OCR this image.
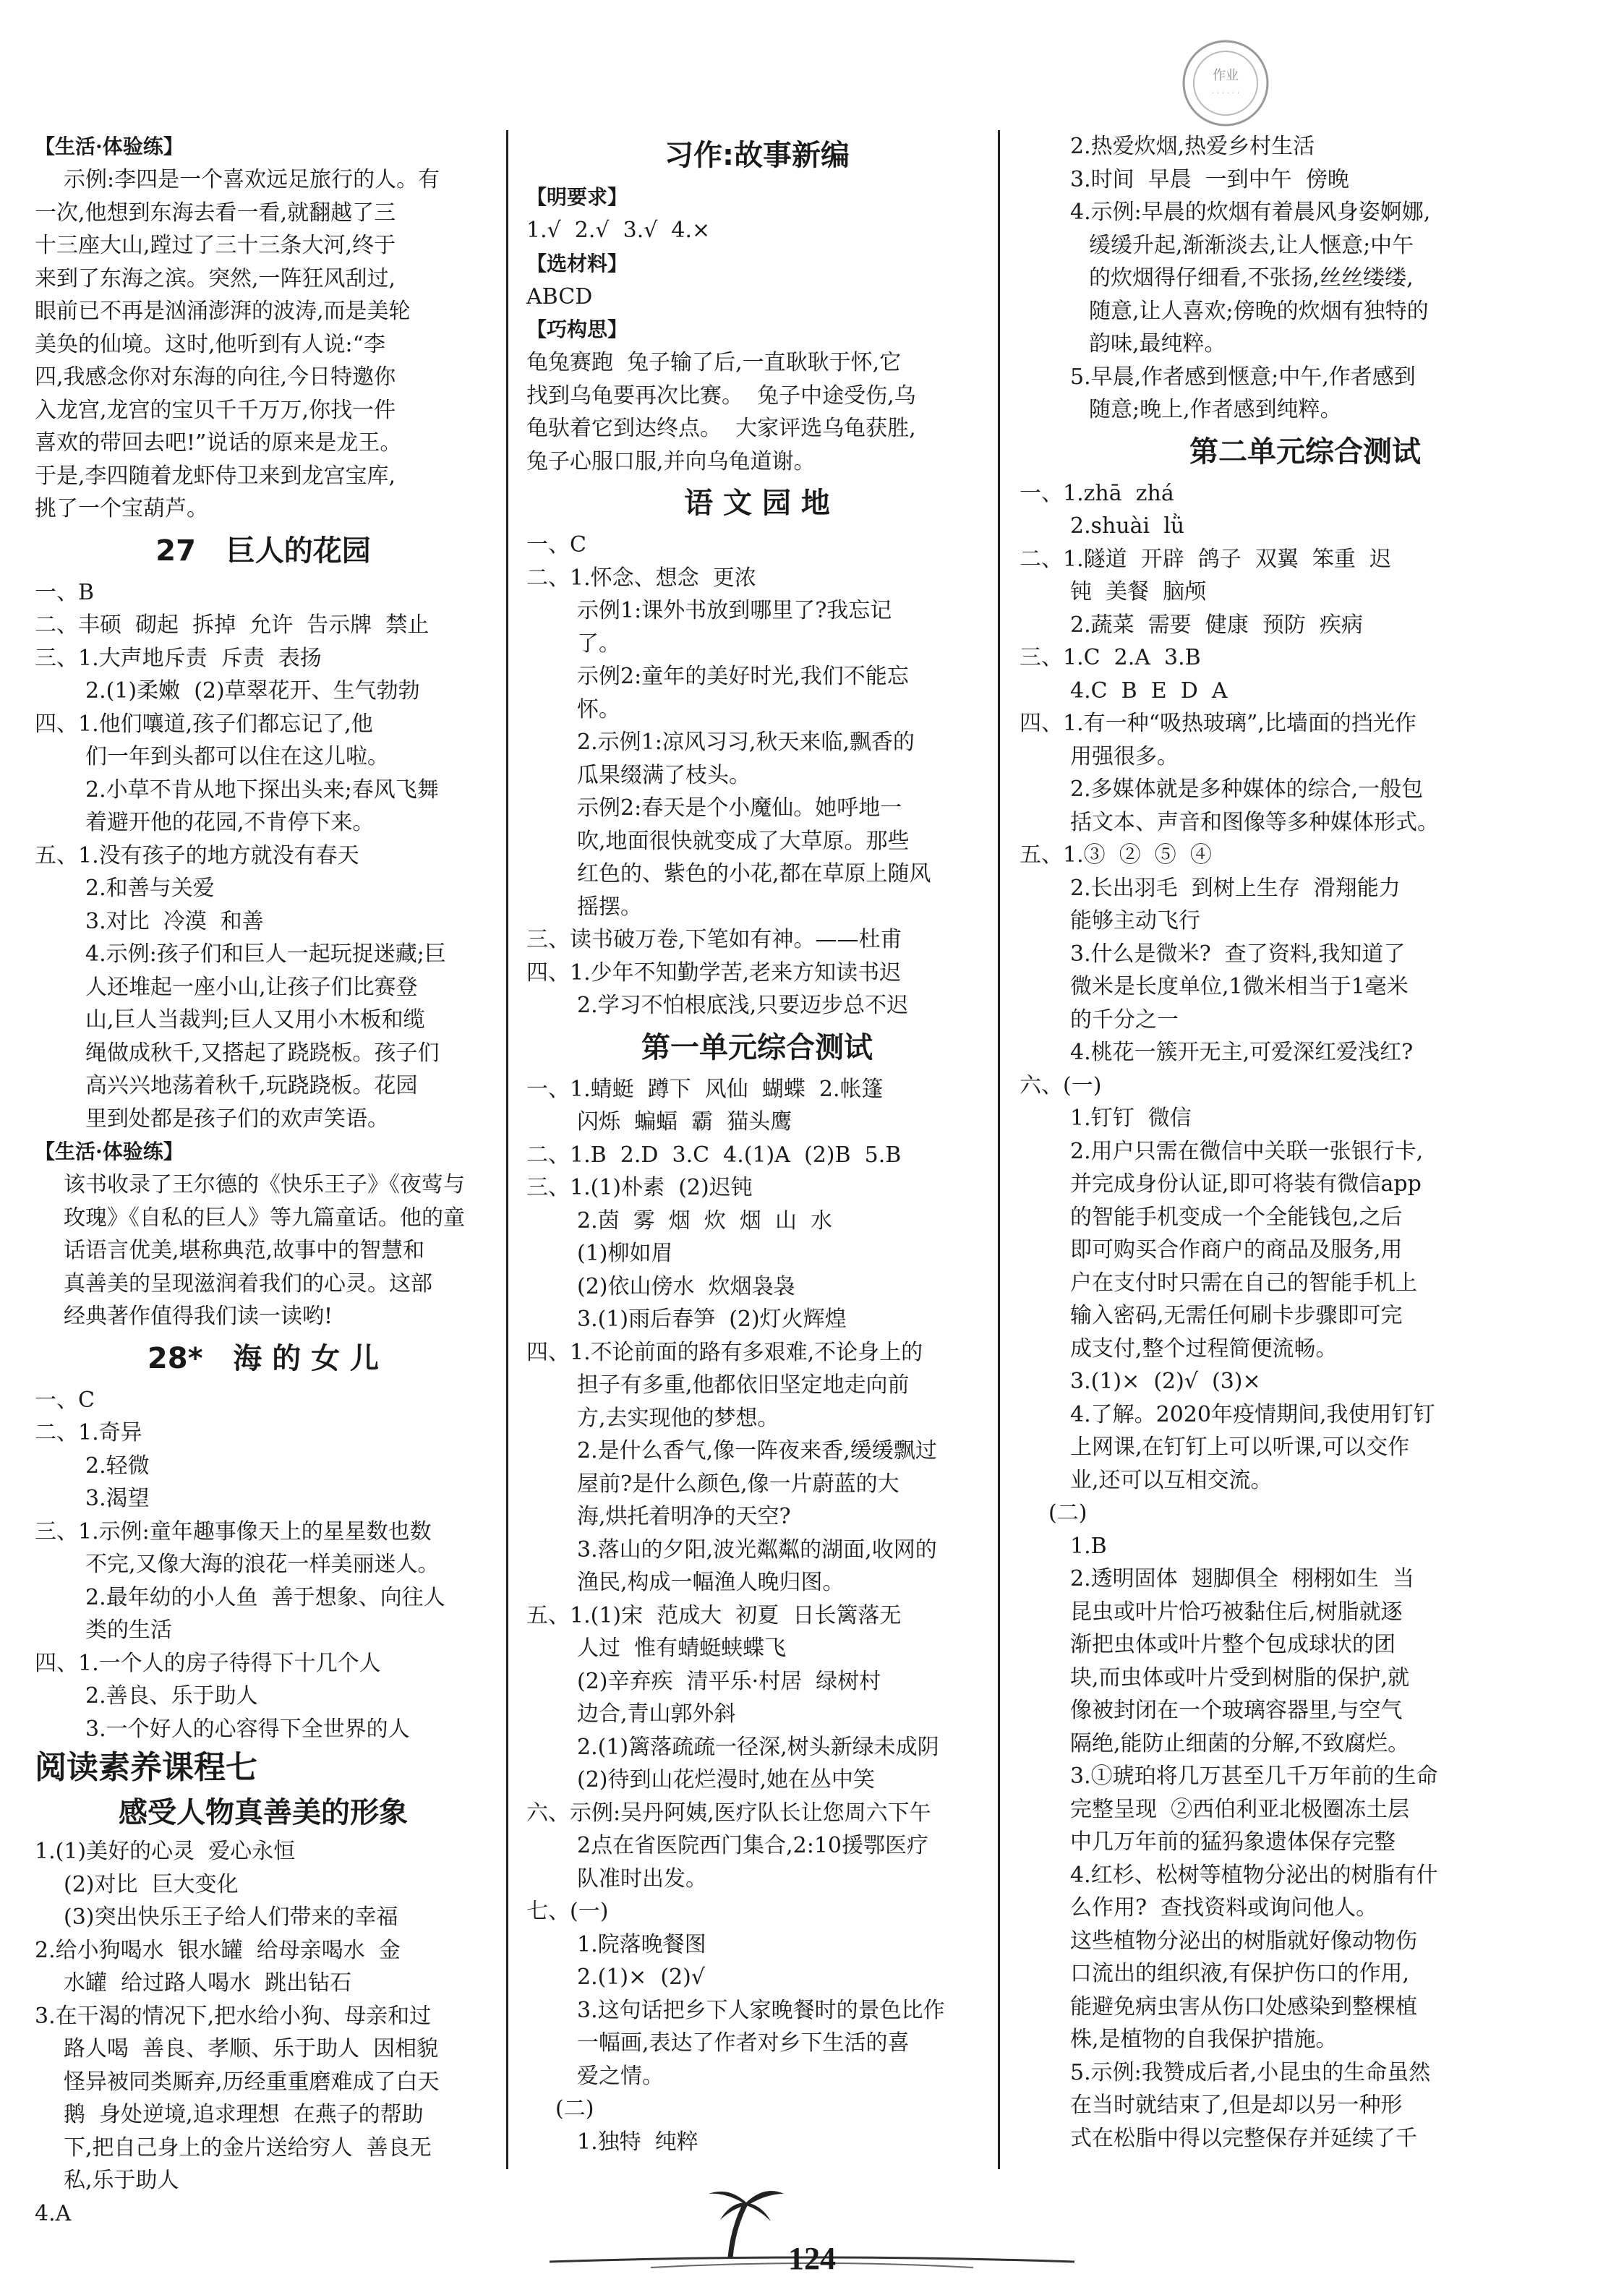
作业
· · · · · ·
【生活·体验练】
示例:李四是一个喜欢远足旅行的人。有
一次,他想到东海去看一看,就翻越了三
十三座大山,蹚过了三十三条大河,终于
来到了东海之滨。突然,一阵狂风刮过,
眼前已不再是汹涌澎湃的波涛,而是美轮
美奂的仙境。这时,他听到有人说:“李
四,我感念你对东海的向往,今日特邀你
入龙宫,龙宫的宝贝千千万万,你找一件
喜欢的带回去吧!”说话的原来是龙王。
于是,李四随着龙虾侍卫来到龙宫宝库,
挑了一个宝葫芦。
27   巨人的花园
一、B
二、丰硕  砌起  拆掉  允许  告示牌  禁止
三、1.大声地斥责  斥责  表扬
2.(1)柔嫩  (2)草翠花开、生气勃勃
四、1.他们嚷道,孩子们都忘记了,他
们一年到头都可以住在这儿啦。
2.小草不肯从地下探出头来;春风飞舞
着避开他的花园,不肯停下来。
五、1.没有孩子的地方就没有春天
2.和善与关爱
3.对比  冷漠  和善
4.示例:孩子们和巨人一起玩捉迷藏;巨
人还堆起一座小山,让孩子们比赛登
山,巨人当裁判;巨人又用小木板和缆
绳做成秋千,又搭起了跷跷板。孩子们
高兴兴地荡着秋千,玩跷跷板。花园
里到处都是孩子们的欢声笑语。
【生活·体验练】
该书收录了王尔德的《快乐王子》《夜莺与
玫瑰》《自私的巨人》等九篇童话。他的童
话语言优美,堪称典范,故事中的智慧和
真善美的呈现滋润着我们的心灵。这部
经典著作值得我们读一读哟!
28*   海 的 女 儿
一、C
二、1.奇异
2.轻微
3.渴望
三、1.示例:童年趣事像天上的星星数也数
不完,又像大海的浪花一样美丽迷人。
2.最年幼的小人鱼  善于想象、向往人
类的生活
四、1.一个人的房子待得下十几个人
2.善良、乐于助人
3.一个好人的心容得下全世界的人
阅读素养课程七
感受人物真善美的形象
1.(1)美好的心灵  爱心永恒
(2)对比  巨大变化
(3)突出快乐王子给人们带来的幸福
2.给小狗喝水  银水罐  给母亲喝水  金
水罐  给过路人喝水  跳出钻石
3.在干渴的情况下,把水给小狗、母亲和过
路人喝  善良、孝顺、乐于助人  因相貌
怪异被同类厮弃,历经重重磨难成了白天
鹅  身处逆境,追求理想  在燕子的帮助
下,把自己身上的金片送给穷人  善良无
私,乐于助人
4.A
习作:故事新编
【明要求】
1.√  2.√  3.√  4.×
【选材料】
ABCD
【巧构思】
龟兔赛跑  兔子输了后,一直耿耿于怀,它
找到乌龟要再次比赛。  兔子中途受伤,乌
龟驮着它到达终点。  大家评选乌龟获胜,
兔子心服口服,并向乌龟道谢。
语 文 园 地
一、C
二、1.怀念、想念  更浓
示例1:课外书放到哪里了?我忘记
了。
示例2:童年的美好时光,我们不能忘
怀。
2.示例1:凉风习习,秋天来临,飘香的
瓜果缀满了枝头。
示例2:春天是个小魔仙。她呼地一
吹,地面很快就变成了大草原。那些
红色的、紫色的小花,都在草原上随风
摇摆。
三、读书破万卷,下笔如有神。——杜甫
四、1.少年不知勤学苦,老来方知读书迟
2.学习不怕根底浅,只要迈步总不迟
第一单元综合测试
一、1.蜻蜓  蹲下  风仙  蝴蝶  2.帐篷
闪烁  蝙蝠  霸  猫头鹰
二、1.B  2.D  3.C  4.(1)A  (2)B  5.B
三、1.(1)朴素  (2)迟钝
2.茵  雾  烟  炊  烟  山  水
(1)柳如眉
(2)依山傍水  炊烟袅袅
3.(1)雨后春笋  (2)灯火辉煌
四、1.不论前面的路有多艰难,不论身上的
担子有多重,他都依旧坚定地走向前
方,去实现他的梦想。
2.是什么香气,像一阵夜来香,缓缓飘过
屋前?是什么颜色,像一片蔚蓝的大
海,烘托着明净的天空?
3.落山的夕阳,波光粼粼的湖面,收网的
渔民,构成一幅渔人晚归图。
五、1.(1)宋  范成大  初夏  日长篱落无
人过  惟有蜻蜓蛱蝶飞
(2)辛弃疾  清平乐·村居  绿树村
边合,青山郭外斜
2.(1)篱落疏疏一径深,树头新绿未成阴
(2)待到山花烂漫时,她在丛中笑
六、示例:吴丹阿姨,医疗队长让您周六下午
2点在省医院西门集合,2:10援鄂医疗
队准时出发。
七、(一)
1.院落晚餐图
2.(1)×  (2)√
3.这句话把乡下人家晚餐时的景色比作
一幅画,表达了作者对乡下生活的喜
爱之情。
(二)
1.独特  纯粹
2.热爱炊烟,热爱乡村生活
3.时间  早晨  一到中午  傍晚
4.示例:早晨的炊烟有着晨风身姿婀娜,
缓缓升起,渐渐淡去,让人惬意;中午
的炊烟得仔细看,不张扬,丝丝缕缕,
随意,让人喜欢;傍晚的炊烟有独特的
韵味,最纯粹。
5.早晨,作者感到惬意;中午,作者感到
随意;晚上,作者感到纯粹。
第二单元综合测试
一、1.zhā  zhá
2.shuài  lǜ
二、1.隧道  开辟  鸽子  双翼  笨重  迟
钝  美餐  脑颅
2.蔬菜  需要  健康  预防  疾病
三、1.C  2.A  3.B
4.C  B  E  D  A
四、1.有一种“吸热玻璃”,比墙面的挡光作
用强很多。
2.多媒体就是多种媒体的综合,一般包
括文本、声音和图像等多种媒体形式。
五、1.③  ②  ⑤  ④
2.长出羽毛  到树上生存  滑翔能力
能够主动飞行
3.什么是微米?  查了资料,我知道了
微米是长度单位,1微米相当于1毫米
的千分之一
4.桃花一簇开无主,可爱深红爱浅红?
六、(一)
1.钉钉  微信
2.用户只需在微信中关联一张银行卡,
并完成身份认证,即可将装有微信app
的智能手机变成一个全能钱包,之后
即可购买合作商户的商品及服务,用
户在支付时只需在自己的智能手机上
输入密码,无需任何刷卡步骤即可完
成支付,整个过程简便流畅。
3.(1)×  (2)√  (3)×
4.了解。2020年疫情期间,我使用钉钉
上网课,在钉钉上可以听课,可以交作
业,还可以互相交流。
(二)
1.B
2.透明固体  翅脚俱全  栩栩如生  当
昆虫或叶片恰巧被黏住后,树脂就逐
渐把虫体或叶片整个包成球状的团
块,而虫体或叶片受到树脂的保护,就
像被封闭在一个玻璃容器里,与空气
隔绝,能防止细菌的分解,不致腐烂。
3.①琥珀将几万甚至几千万年前的生命
完整呈现  ②西伯利亚北极圈冻土层
中几万年前的猛犸象遗体保存完整
4.红杉、松树等植物分泌出的树脂有什
么作用?  查找资料或询问他人。
这些植物分泌出的树脂就好像动物伤
口流出的组织液,有保护伤口的作用,
能避免病虫害从伤口处感染到整棵植
株,是植物的自我保护措施。
5.示例:我赞成后者,小昆虫的生命虽然
在当时就结束了,但是却以另一种形
式在松脂中得以完整保存并延续了千
124
